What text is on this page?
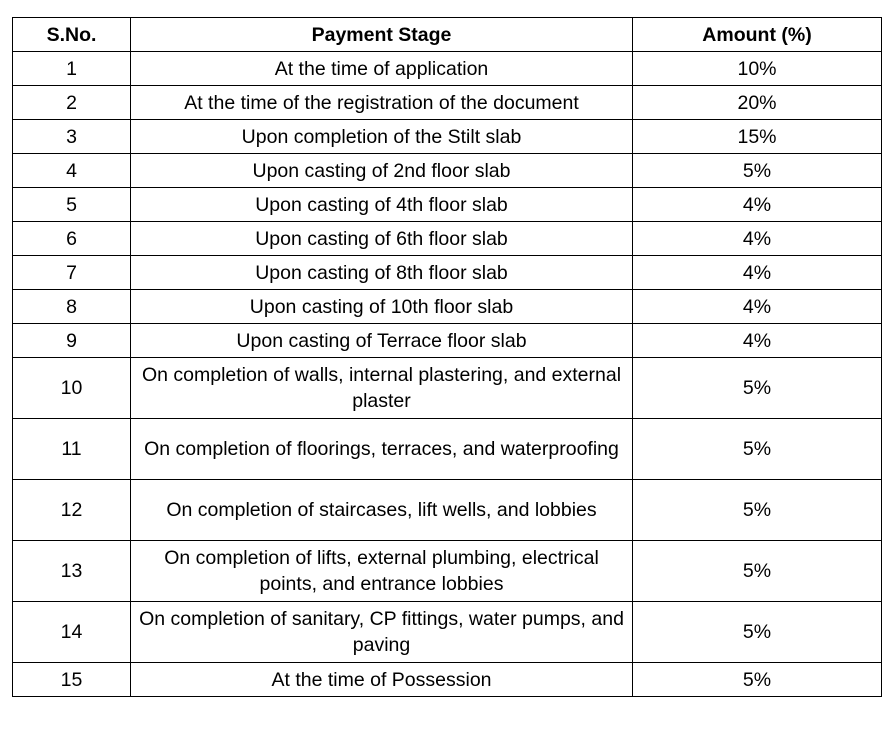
S.No.	Payment Stage	Amount (%)
1	At the time of application	10%
2	At the time of the registration of the document	20%
3	Upon completion of the Stilt slab	15%
4	Upon casting of 2nd floor slab	5%
5	Upon casting of 4th floor slab	4%
6	Upon casting of 6th floor slab	4%
7	Upon casting of 8th floor slab	4%
8	Upon casting of 10th floor slab	4%
9	Upon casting of Terrace floor slab	4%
10	On completion of walls, internal plastering, and external plaster	5%
11	On completion of floorings, terraces, and waterproofing	5%
12	On completion of staircases, lift wells, and lobbies	5%
13	On completion of lifts, external plumbing, electrical points, and entrance lobbies	5%
14	On completion of sanitary, CP fittings, water pumps, and paving	5%
15	At the time of Possession	5%
